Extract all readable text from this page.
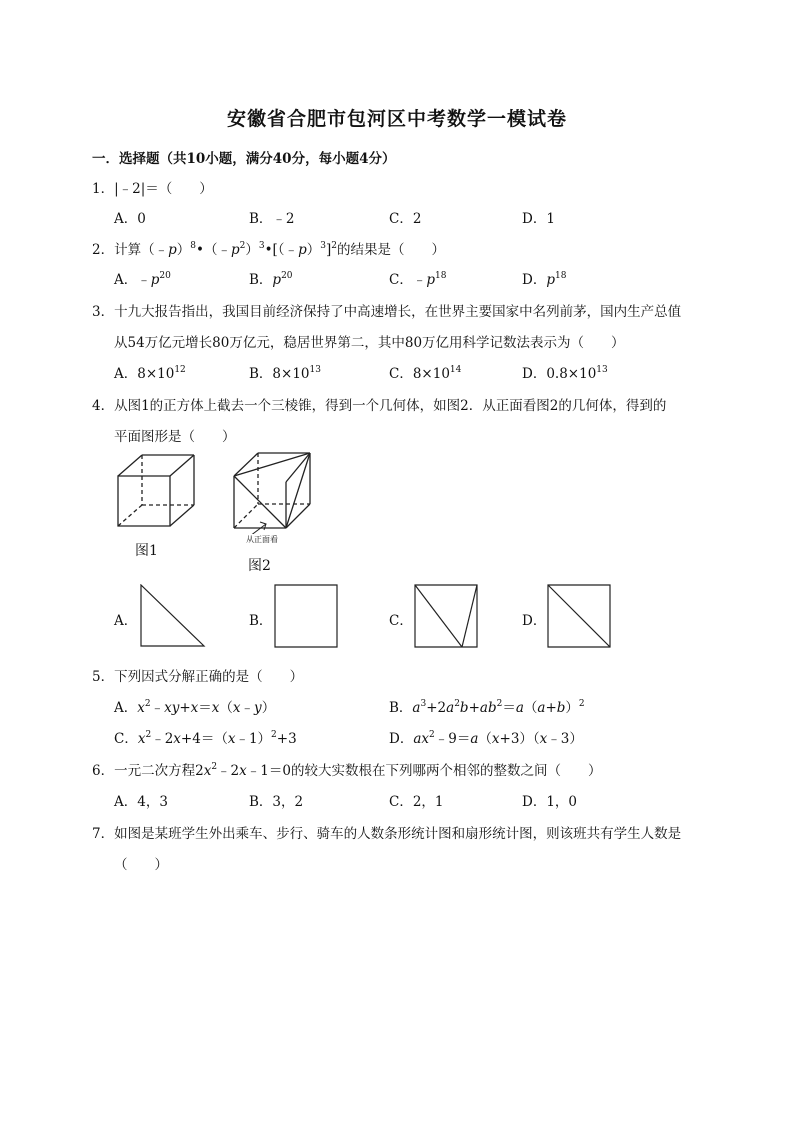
安徽省合肥市包河区中考数学一模试卷
一．选择题（共10小题，满分40分，每小题4分）
1．|﹣2|＝（　　）
A．0	B．﹣2	C．2	D．1
2．计算$(﹣p)^8•(﹣p^2)^3•[(﹣p)^3]^2$的结果是（　　）
A．$﹣p^{20}$	B．$p^{20}$	C．$﹣p^{18}$	D．$p^{18}$
3．十九大报告指出，我国目前经济保持了中高速增长，在世界主要国家中名列前茅，国内生产总值
从54万亿元增长80万亿元，稳居世界第二，其中80万亿用科学记数法表示为（　　）
A．$8\times 10^{12}$	B．$8\times 10^{13}$	C．$8\times 10^{14}$	D．$0.8\times 10^{13}$
4．从图1的正方体上截去一个三棱锥，得到一个几何体，如图2．从正面看图2的几何体，得到的
平面图形是（　　）
图1
从正面看
图2
A．	B．	C．	D．
5．下列因式分解正确的是（　　）
A．$x^2﹣xy+x=x(x﹣y)$	B．$a^3+2a^2b+ab^2=a(a+b)^2$
C．$x^2﹣2x+4=(x﹣1)^2+3$	D．$ax^2﹣9=a(x+3)(x﹣3)$
6．一元二次方程$2x^2﹣2x﹣1=0$的较大实数根在下列哪两个相邻的整数之间（　　）
A．4，3	B．3，2	C．2，1	D．1，0
7．如图是某班学生外出乘车、步行、骑车的人数条形统计图和扇形统计图，则该班共有学生人数是
（　　）
